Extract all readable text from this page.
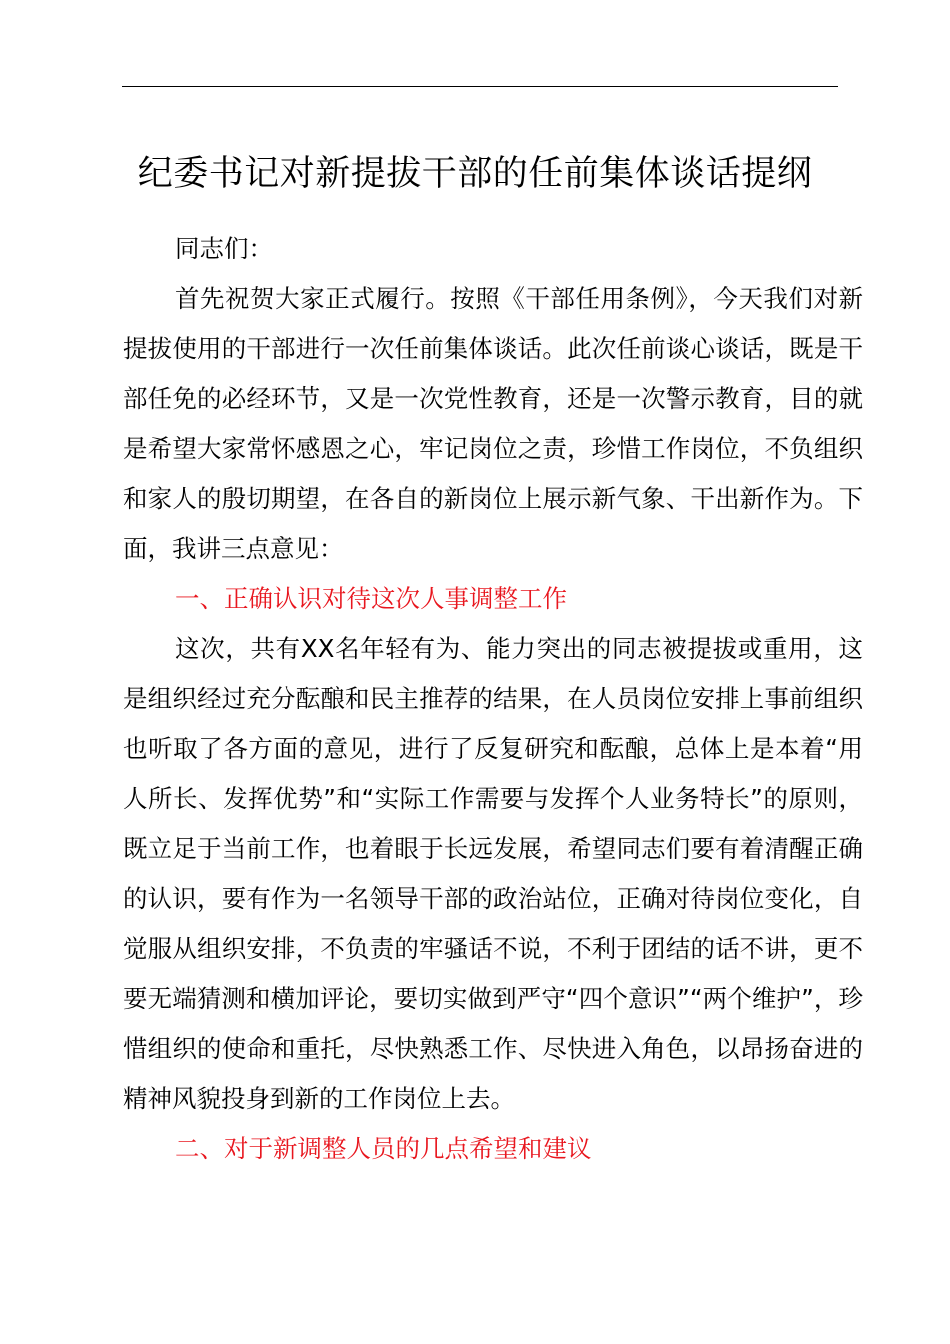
纪委书记对新提拔干部的任前集体谈话提纲

同志们：

首先祝贺大家正式履行。按照《干部任用条例》，今天我们对新提拔使用的干部进行一次任前集体谈话。此次任前谈心谈话，既是干部任免的必经环节，又是一次党性教育，还是一次警示教育，目的就是希望大家常怀感恩之心，牢记岗位之责，珍惜工作岗位，不负组织和家人的殷切期望，在各自的新岗位上展示新气象、干出新作为。下面，我讲三点意见：

一、正确认识对待这次人事调整工作

这次，共有XX名年轻有为、能力突出的同志被提拔或重用，这是组织经过充分酝酿和民主推荐的结果，在人员岗位安排上事前组织也听取了各方面的意见，进行了反复研究和酝酿，总体上是本着“用人所长、发挥优势”和“实际工作需要与发挥个人业务特长”的原则，既立足于当前工作，也着眼于长远发展，希望同志们要有着清醒正确的认识，要有作为一名领导干部的政治站位，正确对待岗位变化，自觉服从组织安排，不负责的牢骚话不说，不利于团结的话不讲，更不要无端猜测和横加评论，要切实做到严守“四个意识”“两个维护”，珍惜组织的使命和重托，尽快熟悉工作、尽快进入角色，以昂扬奋进的精神风貌投身到新的工作岗位上去。

二、对于新调整人员的几点希望和建议
